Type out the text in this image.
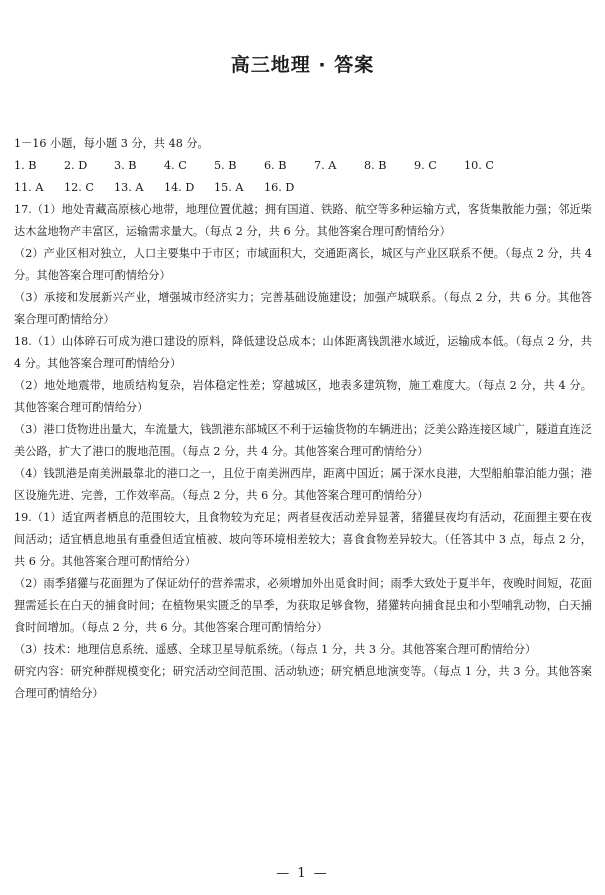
高三地理 · 答案

1－16 小题，每小题 3 分，共 48 分。

1. B	2. D	3. B	4. C	5. B	6. B	7. A	8. B	9. C	10. C
11. A	12. C	13. A	14. D	15. A	16. D

17.（1）地处青藏高原核心地带，地理位置优越；拥有国道、铁路、航空等多种运输方式，客货集散能力强；邻近柴达木盆地物产丰富区，运输需求量大。（每点 2 分，共 6 分。其他答案合理可酌情给分）

（2）产业区相对独立，人口主要集中于市区；市域面积大，交通距离长，城区与产业区联系不便。（每点 2 分，共 4 分。其他答案合理可酌情给分）

（3）承接和发展新兴产业，增强城市经济实力；完善基础设施建设；加强产城联系。（每点 2 分，共 6 分。其他答案合理可酌情给分）

18.（1）山体碎石可成为港口建设的原料，降低建设总成本；山体距离钱凯港水域近，运输成本低。（每点 2 分，共 4 分。其他答案合理可酌情给分）

（2）地处地震带，地质结构复杂，岩体稳定性差；穿越城区，地表多建筑物，施工难度大。（每点 2 分，共 4 分。其他答案合理可酌情给分）

（3）港口货物进出量大，车流量大，钱凯港东部城区不利于运输货物的车辆进出；泛美公路连接区域广，隧道直连泛美公路，扩大了港口的腹地范围。（每点 2 分，共 4 分。其他答案合理可酌情给分）

（4）钱凯港是南美洲最靠北的港口之一，且位于南美洲西岸，距离中国近；属于深水良港，大型船舶靠泊能力强；港区设施先进、完善，工作效率高。（每点 2 分，共 6 分。其他答案合理可酌情给分）

19.（1）适宜两者栖息的范围较大，且食物较为充足；两者昼夜活动差异显著，猪獾昼夜均有活动，花面狸主要在夜间活动；适宜栖息地虽有重叠但适宜植被、坡向等环境相差较大；喜食食物差异较大。（任答其中 3 点，每点 2 分，共 6 分。其他答案合理可酌情给分）

（2）雨季猪獾与花面狸为了保证幼仔的营养需求，必须增加外出觅食时间；雨季大致处于夏半年，夜晚时间短，花面狸需延长在白天的捕食时间；在植物果实匮乏的旱季，为获取足够食物，猪獾转向捕食昆虫和小型哺乳动物，白天捕食时间增加。（每点 2 分，共 6 分。其他答案合理可酌情给分）

（3）技术：地理信息系统、遥感、全球卫星导航系统。（每点 1 分，共 3 分。其他答案合理可酌情给分）

研究内容：研究种群规模变化；研究活动空间范围、活动轨迹；研究栖息地演变等。（每点 1 分，共 3 分。其他答案合理可酌情给分）

— 1 —
